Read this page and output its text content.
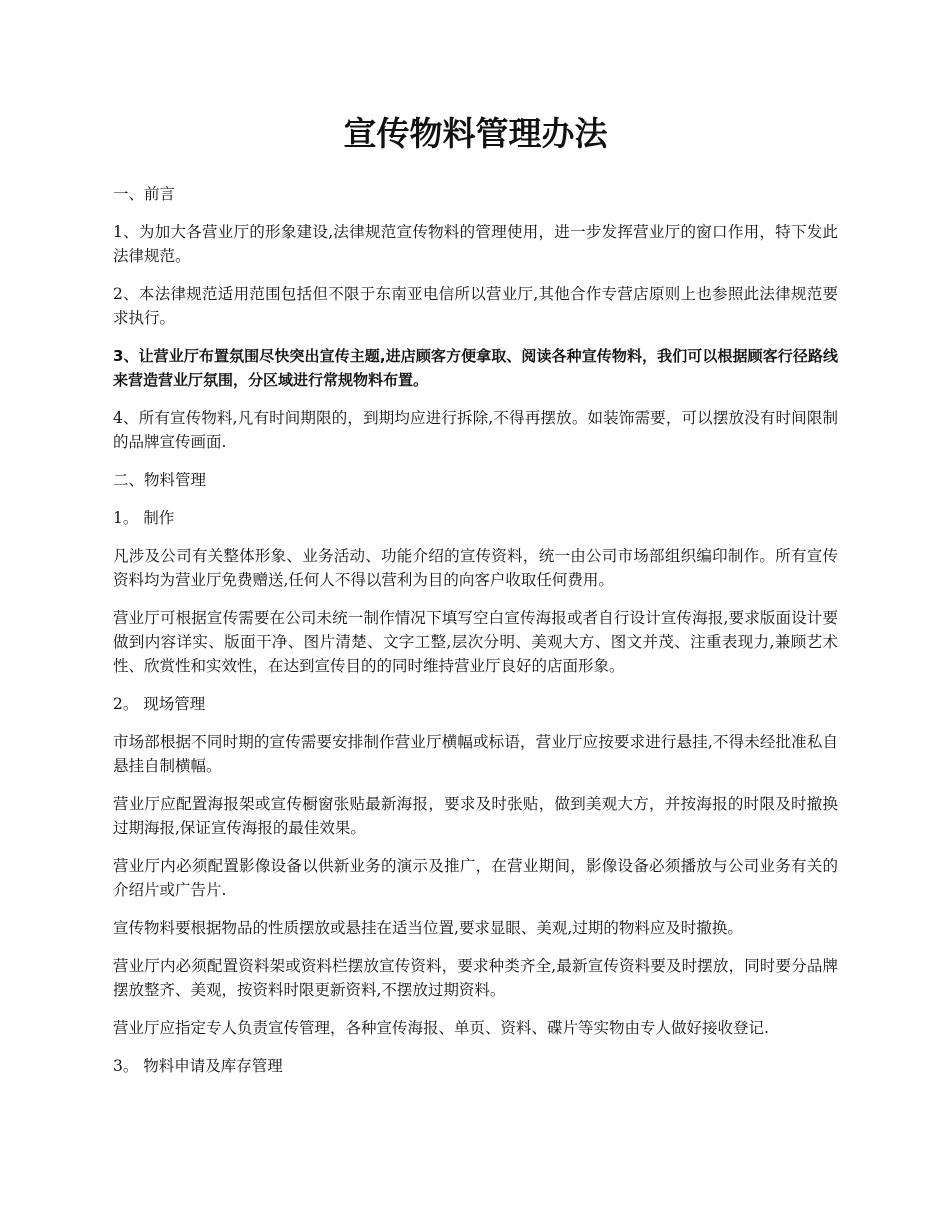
宣传物料管理办法

一、前言

1、为加大各营业厅的形象建设,法律规范宣传物料的管理使用，进一步发挥营业厅的窗口作用，特下发此法律规范。

2、本法律规范适用范围包括但不限于东南亚电信所以营业厅,其他合作专营店原则上也参照此法律规范要求执行。

3、让营业厅布置氛围尽快突出宣传主题,进店顾客方便拿取、阅读各种宣传物料，我们可以根据顾客行径路线来营造营业厅氛围，分区域进行常规物料布置。

4、所有宣传物料,凡有时间期限的，到期均应进行拆除,不得再摆放。如装饰需要，可以摆放没有时间限制的品牌宣传画面.

二、物料管理

1。 制作

凡涉及公司有关整体形象、业务活动、功能介绍的宣传资料，统一由公司市场部组织编印制作。所有宣传资料均为营业厅免费赠送,任何人不得以营利为目的向客户收取任何费用。

营业厅可根据宣传需要在公司未统一制作情况下填写空白宣传海报或者自行设计宣传海报,要求版面设计要做到内容详实、版面干净、图片清楚、文字工整,层次分明、美观大方、图文并茂、注重表现力,兼顾艺术性、欣赏性和实效性，在达到宣传目的的同时维持营业厅良好的店面形象。

2。 现场管理

市场部根据不同时期的宣传需要安排制作营业厅横幅或标语，营业厅应按要求进行悬挂,不得未经批准私自悬挂自制横幅。

营业厅应配置海报架或宣传橱窗张贴最新海报，要求及时张贴，做到美观大方，并按海报的时限及时撤换过期海报,保证宣传海报的最佳效果。

营业厅内必须配置影像设备以供新业务的演示及推广，在营业期间，影像设备必须播放与公司业务有关的介绍片或广告片.

宣传物料要根据物品的性质摆放或悬挂在适当位置,要求显眼、美观,过期的物料应及时撤换。

营业厅内必须配置资料架或资料栏摆放宣传资料，要求种类齐全,最新宣传资料要及时摆放，同时要分品牌摆放整齐、美观，按资料时限更新资料,不摆放过期资料。

营业厅应指定专人负责宣传管理，各种宣传海报、单页、资料、碟片等实物由专人做好接收登记.

3。 物料申请及库存管理
